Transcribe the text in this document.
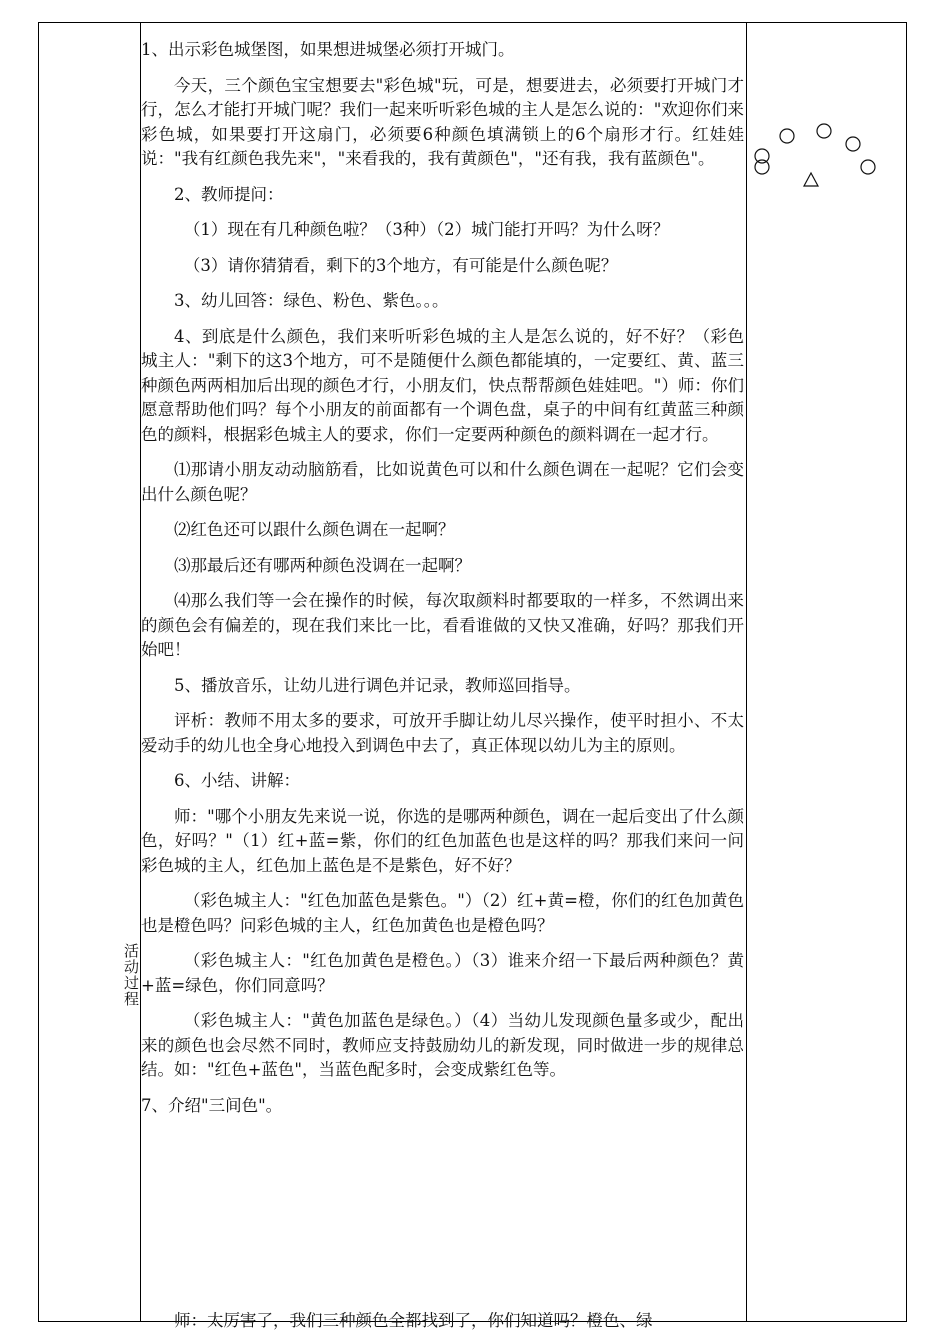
活动过程

1、出示彩色城堡图，如果想进城堡必须打开城门。

今天，三个颜色宝宝想要去"彩色城"玩，可是，想要进去，必须要打开城门才行，怎么才能打开城门呢？我们一起来听听彩色城的主人是怎么说的："欢迎你们来彩色城，如果要打开这扇门，必须要6种颜色填满锁上的6个扇形才行。红娃娃说："我有红颜色我先来"，"来看我的，我有黄颜色"，"还有我，我有蓝颜色"。

2、教师提问：

（1）现在有几种颜色啦？（3种）（2）城门能打开吗？为什么呀？

（3）请你猜猜看，剩下的3个地方，有可能是什么颜色呢？

3、幼儿回答：绿色、粉色、紫色。。。

4、到底是什么颜色，我们来听听彩色城的主人是怎么说的，好不好？（彩色城主人："剩下的这3个地方，可不是随便什么颜色都能填的，一定要红、黄、蓝三种颜色两两相加后出现的颜色才行，小朋友们，快点帮帮颜色娃娃吧。"）师：你们愿意帮助他们吗？每个小朋友的前面都有一个调色盘，桌子的中间有红黄蓝三种颜色的颜料，根据彩色城主人的要求，你们一定要两种颜色的颜料调在一起才行。

⑴那请小朋友动动脑筋看，比如说黄色可以和什么颜色调在一起呢？它们会变出什么颜色呢？

⑵红色还可以跟什么颜色调在一起啊？

⑶那最后还有哪两种颜色没调在一起啊？

⑷那么我们等一会在操作的时候，每次取颜料时都要取的一样多，不然调出来的颜色会有偏差的，现在我们来比一比，看看谁做的又快又准确，好吗？那我们开始吧！

5、播放音乐，让幼儿进行调色并记录，教师巡回指导。

评析：教师不用太多的要求，可放开手脚让幼儿尽兴操作，使平时担小、不太爱动手的幼儿也全身心地投入到调色中去了，真正体现以幼儿为主的原则。

6、小结、讲解：

师："哪个小朋友先来说一说，你选的是哪两种颜色，调在一起后变出了什么颜色，好吗？"（1）红+蓝=紫，你们的红色加蓝色也是这样的吗？那我们来问一问彩色城的主人，红色加上蓝色是不是紫色，好不好？

（彩色城主人："红色加蓝色是紫色。"）（2）红+黄=橙，你们的红色加黄色也是橙色吗？问彩色城的主人，红色加黄色也是橙色吗？

（彩色城主人："红色加黄色是橙色。）（3）谁来介绍一下最后两种颜色？黄+蓝=绿色，你们同意吗？

（彩色城主人："黄色加蓝色是绿色。）（4）当幼儿发现颜色量多或少，配出来的颜色也会尽然不同时，教师应支持鼓励幼儿的新发现，同时做进一步的规律总结。如："红色+蓝色"，当蓝色配多时，会变成紫红色等。

7、介绍"三间色"。

师：太厉害了，我们三种颜色全都找到了，你们知道吗？橙色、绿
